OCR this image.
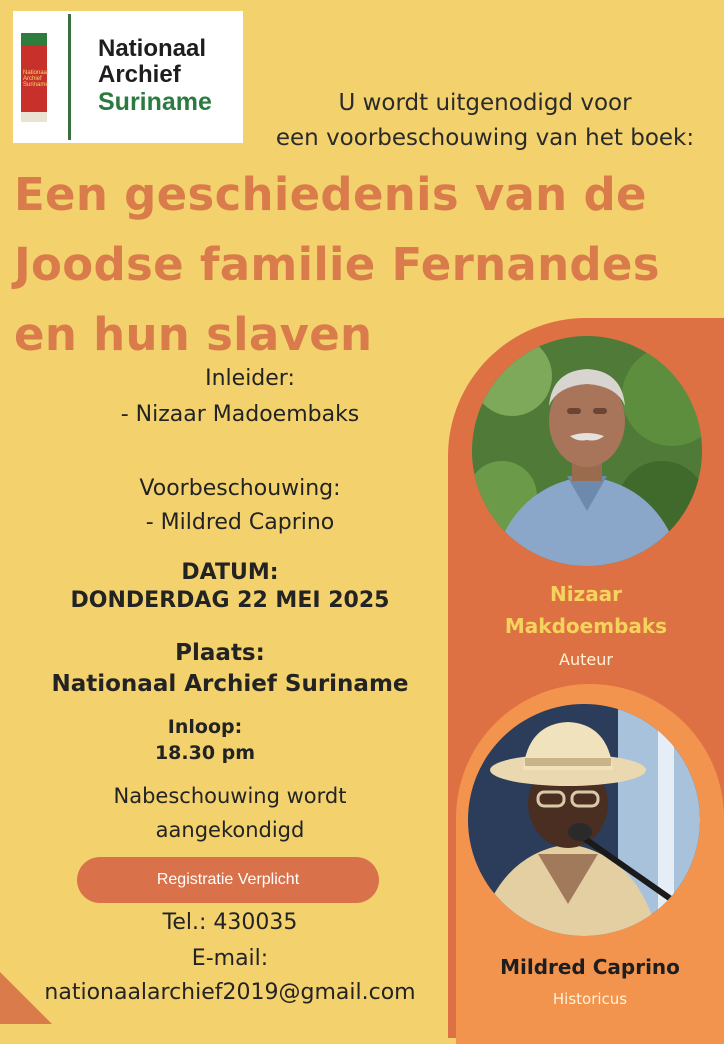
Nationaal Archief Suriname
Nationaal
Archief
Suriname	U wordt uitgenodigd voor
een voorbeschouwing van het boek:
Een geschiedenis van de
Joodse familie Fernandes
en hun slaven
Nizaar
Makdoembaks
Auteur
Mildred Caprino
Historicus
Inleider:
- Nizaar Madoembaks
Voorbeschouwing:
- Mildred Caprino
DATUM:
DONDERDAG 22 MEI 2025
Plaats:
Nationaal Archief Suriname
Inloop:
18.30 pm
Nabeschouwing wordt
aangekondigd
Registratie Verplicht
Tel.: 430035
E-mail:
nationaalarchief2019@gmail.com
